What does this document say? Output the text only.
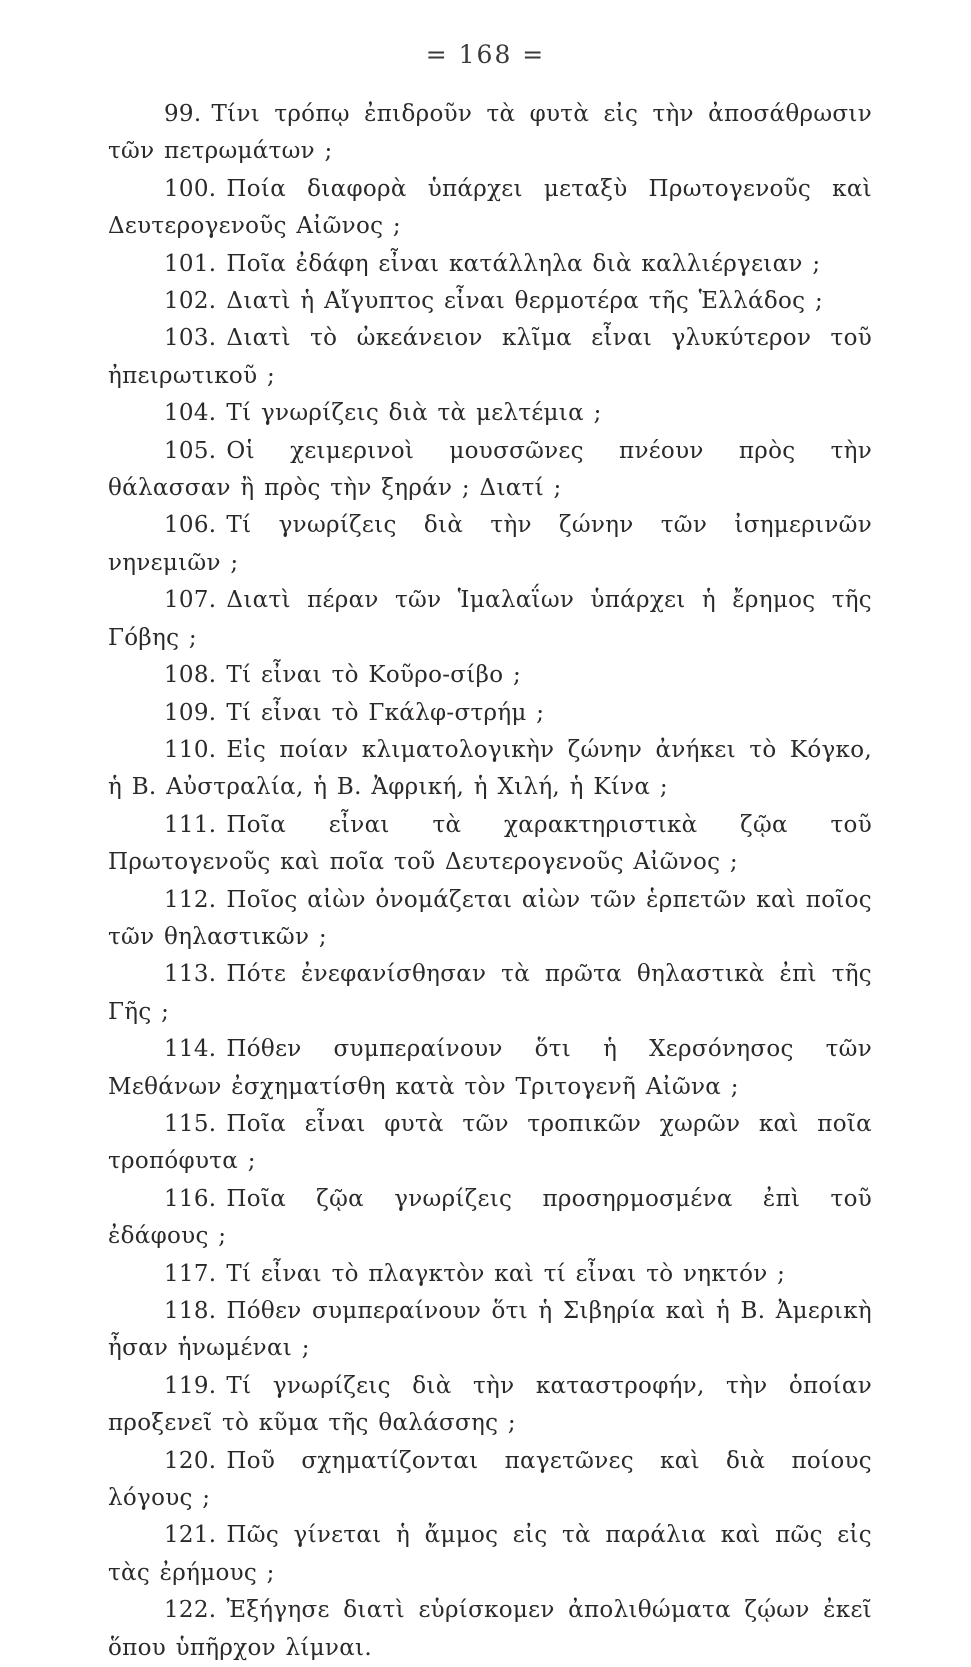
= 168 =

99. Τίνι τρόπῳ ἐπιδροῦν τὰ φυτὰ εἰς τὴν ἀποσάθρωσιν τῶν πετρωμάτων ;

100. Ποία διαφορὰ ὑπάρχει μεταξὺ Πρωτογενοῦς καὶ Δευτερογενοῦς Αἰῶνος ;

101. Ποῖα ἐδάφη εἶναι κατάλληλα διὰ καλλιέργειαν ;

102. Διατὶ ἡ Αἴγυπτος εἶναι θερμοτέρα τῆς Ἑλλάδος ;

103. Διατὶ τὸ ὠκεάνειον κλῖμα εἶναι γλυκύτερον τοῦ ἠπειρωτικοῦ ;

104. Τί γνωρίζεις διὰ τὰ μελτέμια ;

105. Οἱ χειμερινοὶ μουσσῶνες πνέουν πρὸς τὴν θάλασσαν ἢ πρὸς τὴν ξηράν ; Διατί ;

106. Τί γνωρίζεις διὰ τὴν ζώνην τῶν ἰσημερινῶν νηνεμιῶν ;

107. Διατὶ πέραν τῶν Ἱμαλαΐων ὑπάρχει ἡ ἔρημος τῆς Γόβης ;

108. Τί εἶναι τὸ Κοῦρο-σίβο ;

109. Τί εἶναι τὸ Γκάλφ-στρήμ ;

110. Εἰς ποίαν κλιματολογικὴν ζώνην ἀνήκει τὸ Κόγκο, ἡ Β. Αὐστραλία, ἡ Β. Ἀφρική, ἡ Χιλή, ἡ Κίνα ;

111. Ποῖα εἶναι τὰ χαρακτηριστικὰ ζῷα τοῦ Πρωτογενοῦς καὶ ποῖα τοῦ Δευτερογενοῦς Αἰῶνος ;

112. Ποῖος αἰὼν ὀνομάζεται αἰὼν τῶν ἑρπετῶν καὶ ποῖος τῶν θηλαστικῶν ;

113. Πότε ἐνεφανίσθησαν τὰ πρῶτα θηλαστικὰ ἐπὶ τῆς Γῆς ;

114. Πόθεν συμπεραίνουν ὅτι ἡ Χερσόνησος τῶν Μεθάνων ἐσχηματίσθη κατὰ τὸν Τριτογενῆ Αἰῶνα ;

115. Ποῖα εἶναι φυτὰ τῶν τροπικῶν χωρῶν καὶ ποῖα τροπόφυτα ;

116. Ποῖα ζῷα γνωρίζεις προσηρμοσμένα ἐπὶ τοῦ ἐδάφους ;

117. Τί εἶναι τὸ πλαγκτὸν καὶ τί εἶναι τὸ νηκτόν ;

118. Πόθεν συμπεραίνουν ὅτι ἡ Σιβηρία καὶ ἡ Β. Ἀμερικὴ ἦσαν ἡνωμέναι ;

119. Τί γνωρίζεις διὰ τὴν καταστροφήν, τὴν ὁποίαν προξενεῖ τὸ κῦμα τῆς θαλάσσης ;

120. Ποῦ σχηματίζονται παγετῶνες καὶ διὰ ποίους λόγους ;

121. Πῶς γίνεται ἡ ἄμμος εἰς τὰ παράλια καὶ πῶς εἰς τὰς ἐρήμους ;

122. Ἐξήγησε διατὶ εὑρίσκομεν ἀπολιθώματα ζῴων ἐκεῖ ὅπου ὑπῆρχον λίμναι.
